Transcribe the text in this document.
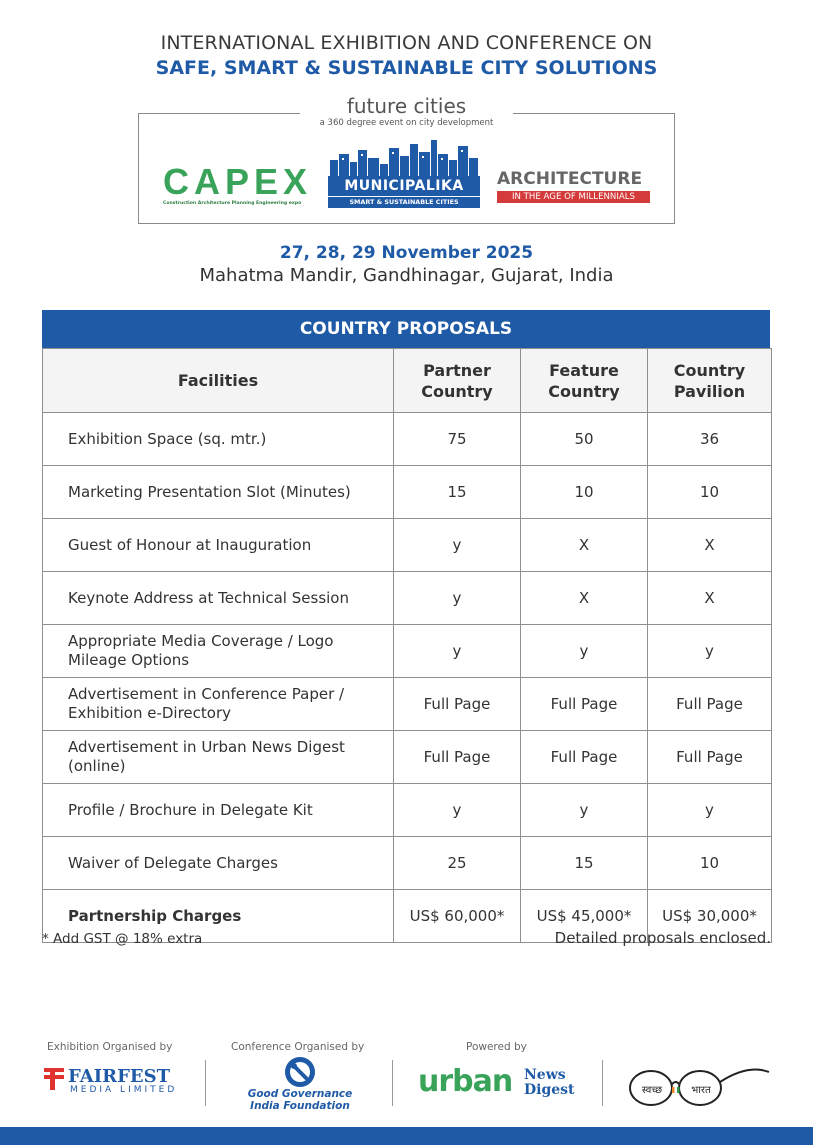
INTERNATIONAL EXHIBITION AND CONFERENCE ON
SAFE, SMART & SUSTAINABLE CITY SOLUTIONS
future cities
a 360 degree event on city development
CAPEX
Construction Architecture Planning Engineering expo
MUNICIPALIKA
SMART & SUSTAINABLE CITIES
ARCHITECTURE
IN THE AGE OF MILLENNIALS
27, 28, 29 November 2025
Mahatma Mandir, Gandhinagar, Gujarat, India
COUNTRY PROPOSALS
Facilities	Partner Country	Feature Country	Country Pavilion
Exhibition Space (sq. mtr.)	75	50	36
Marketing Presentation Slot (Minutes)	15	10	10
Guest of Honour at Inauguration	y	X	X
Keynote Address at Technical Session	y	X	X
Appropriate Media Coverage / Logo Mileage Options	y	y	y
Advertisement in Conference Paper / Exhibition e-Directory	Full Page	Full Page	Full Page
Advertisement in Urban News Digest (online)	Full Page	Full Page	Full Page
Profile / Brochure in Delegate Kit	y	y	y
Waiver of Delegate Charges	25	15	10
Partnership Charges	US$ 60,000*	US$ 45,000*	US$ 30,000*
* Add GST @ 18% extra	Detailed proposals enclosed.
Exhibition Organised by	Conference Organised by	Powered by
FAIRFEST
MEDIA LIMITED	Good Governance
India Foundation
urban News
Digest	स्वच्छ	भारत
